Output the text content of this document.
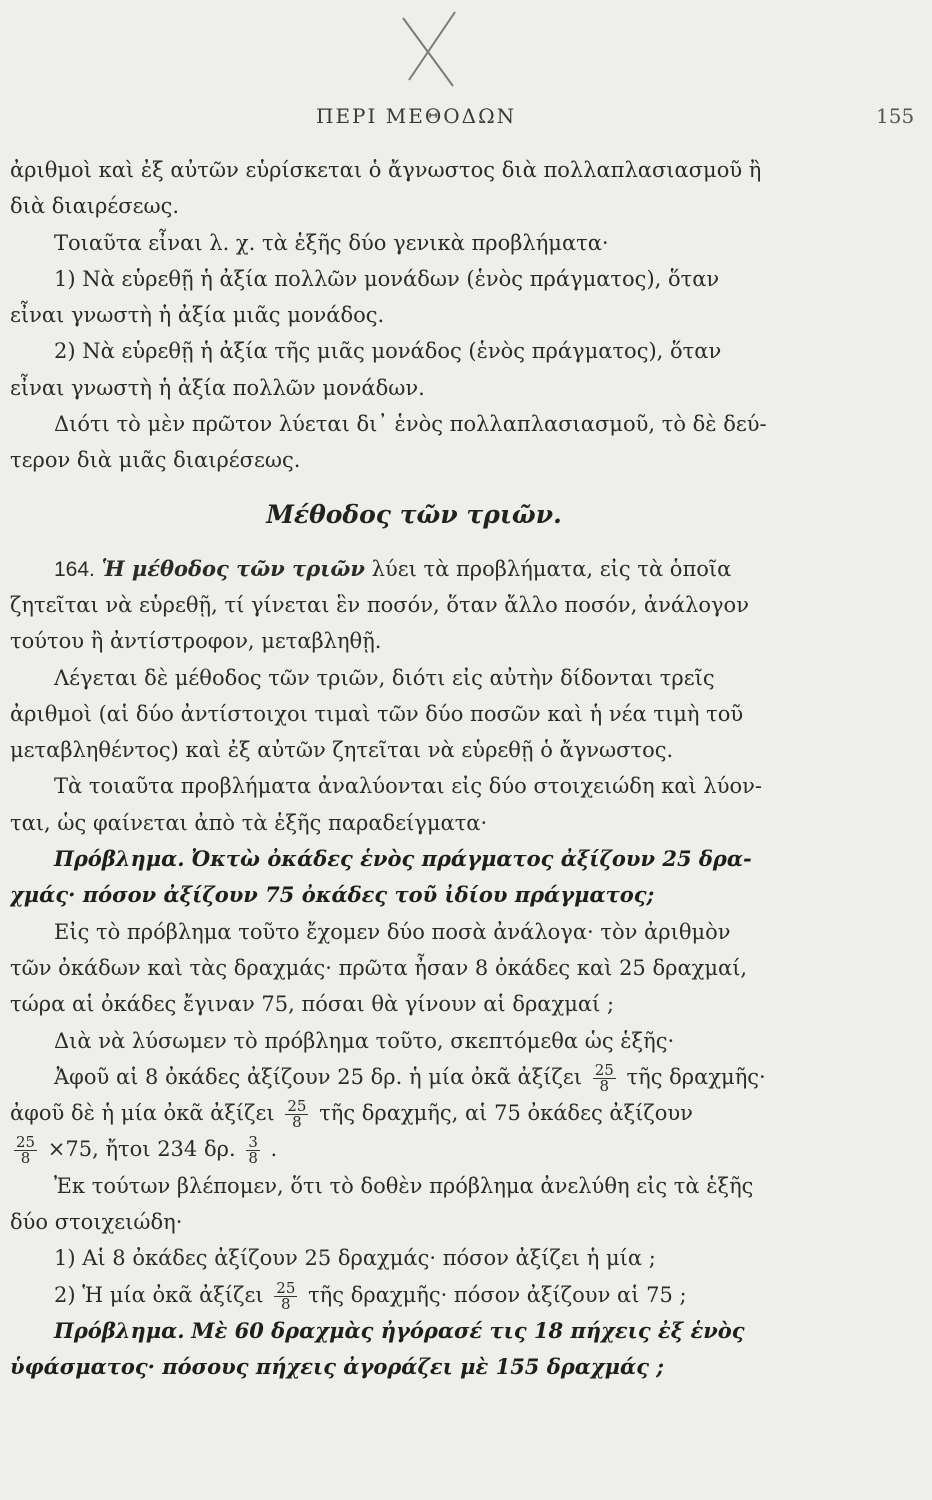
ΠΕΡΙ ΜΕΘΟΔΩΝ	155
ἀριθμοὶ καὶ ἐξ αὐτῶν εὑρίσκεται ὁ ἄγνωστος διὰ πολλαπλασιασμοῦ ἢ
διὰ διαιρέσεως.
Τοιαῦτα εἶναι λ. χ. τὰ ἑξῆς δύο γενικὰ προβλήματα·
1) Νὰ εὑρεθῇ ἡ ἀξία πολλῶν μονάδων (ἑνὸς πράγματος), ὅταν
εἶναι γνωστὴ ἡ ἀξία μιᾶς μονάδος.
2) Νὰ εὑρεθῇ ἡ ἀξία τῆς μιᾶς μονάδος (ἑνὸς πράγματος), ὅταν
εἶναι γνωστὴ ἡ ἀξία πολλῶν μονάδων.
Διότι τὸ μὲν πρῶτον λύεται δι᾿ ἑνὸς πολλαπλασιασμοῦ, τὸ δὲ δεύ-
τερον διὰ μιᾶς διαιρέσεως.
Μέθοδος τῶν τριῶν.
164. Ἡ μέθοδος τῶν τριῶν λύει τὰ προβλήματα, εἰς τὰ ὁποῖα
ζητεῖται νὰ εὑρεθῇ, τί γίνεται ἓν ποσόν, ὅταν ἄλλο ποσόν, ἀνάλογον
τούτου ἢ ἀντίστροφον, μεταβληθῇ.
Λέγεται δὲ μέθοδος τῶν τριῶν, διότι εἰς αὐτὴν δίδονται τρεῖς
ἀριθμοὶ (αἱ δύο ἀντίστοιχοι τιμαὶ τῶν δύο ποσῶν καὶ ἡ νέα τιμὴ τοῦ
μεταβληθέντος) καὶ ἐξ αὐτῶν ζητεῖται νὰ εὑρεθῇ ὁ ἄγνωστος.
Τὰ τοιαῦτα προβλήματα ἀναλύονται εἰς δύο στοιχειώδη καὶ λύον-
ται, ὡς φαίνεται ἀπὸ τὰ ἑξῆς παραδείγματα·
Πρόβλημα. Ὀκτὼ ὀκάδες ἑνὸς πράγματος ἀξίζουν 25 δρα-
χμάς· πόσον ἀξίζουν 75 ὀκάδες τοῦ ἰδίου πράγματος;
Εἰς τὸ πρόβλημα τοῦτο ἔχομεν δύο ποσὰ ἀνάλογα· τὸν ἀριθμὸν
τῶν ὀκάδων καὶ τὰς δραχμάς· πρῶτα ἦσαν 8 ὀκάδες καὶ 25 δραχμαί,
τώρα αἱ ὀκάδες ἔγιναν 75, πόσαι θὰ γίνουν αἱ δραχμαί ;
Διὰ νὰ λύσωμεν τὸ πρόβλημα τοῦτο, σκεπτόμεθα ὡς ἑξῆς·
Ἀφοῦ αἱ 8 ὀκάδες ἀξίζουν 25 δρ. ἡ μία ὀκᾶ ἀξίζει $\frac{25}{8}$ τῆς δραχμῆς·
ἀφοῦ δὲ ἡ μία ὀκᾶ ἀξίζει $\frac{25}{8}$ τῆς δραχμῆς, αἱ 75 ὀκάδες ἀξίζουν
$\frac{25}{8} \times 75$, ἤτοι 234 δρ. $\frac{3}{8}$ .
Ἐκ τούτων βλέπομεν, ὅτι τὸ δοθὲν πρόβλημα ἀνελύθη εἰς τὰ ἑξῆς
δύο στοιχειώδη·
1) Αἱ 8 ὀκάδες ἀξίζουν 25 δραχμάς· πόσον ἀξίζει ἡ μία ;
2) Ἡ μία ὀκᾶ ἀξίζει $\frac{25}{8}$ τῆς δραχμῆς· πόσον ἀξίζουν αἱ 75 ;
Πρόβλημα. Μὲ 60 δραχμὰς ἠγόρασέ τις 18 πήχεις ἐξ ἑνὸς
ὑφάσματος· πόσους πήχεις ἀγοράζει μὲ 155 δραχμάς ;
